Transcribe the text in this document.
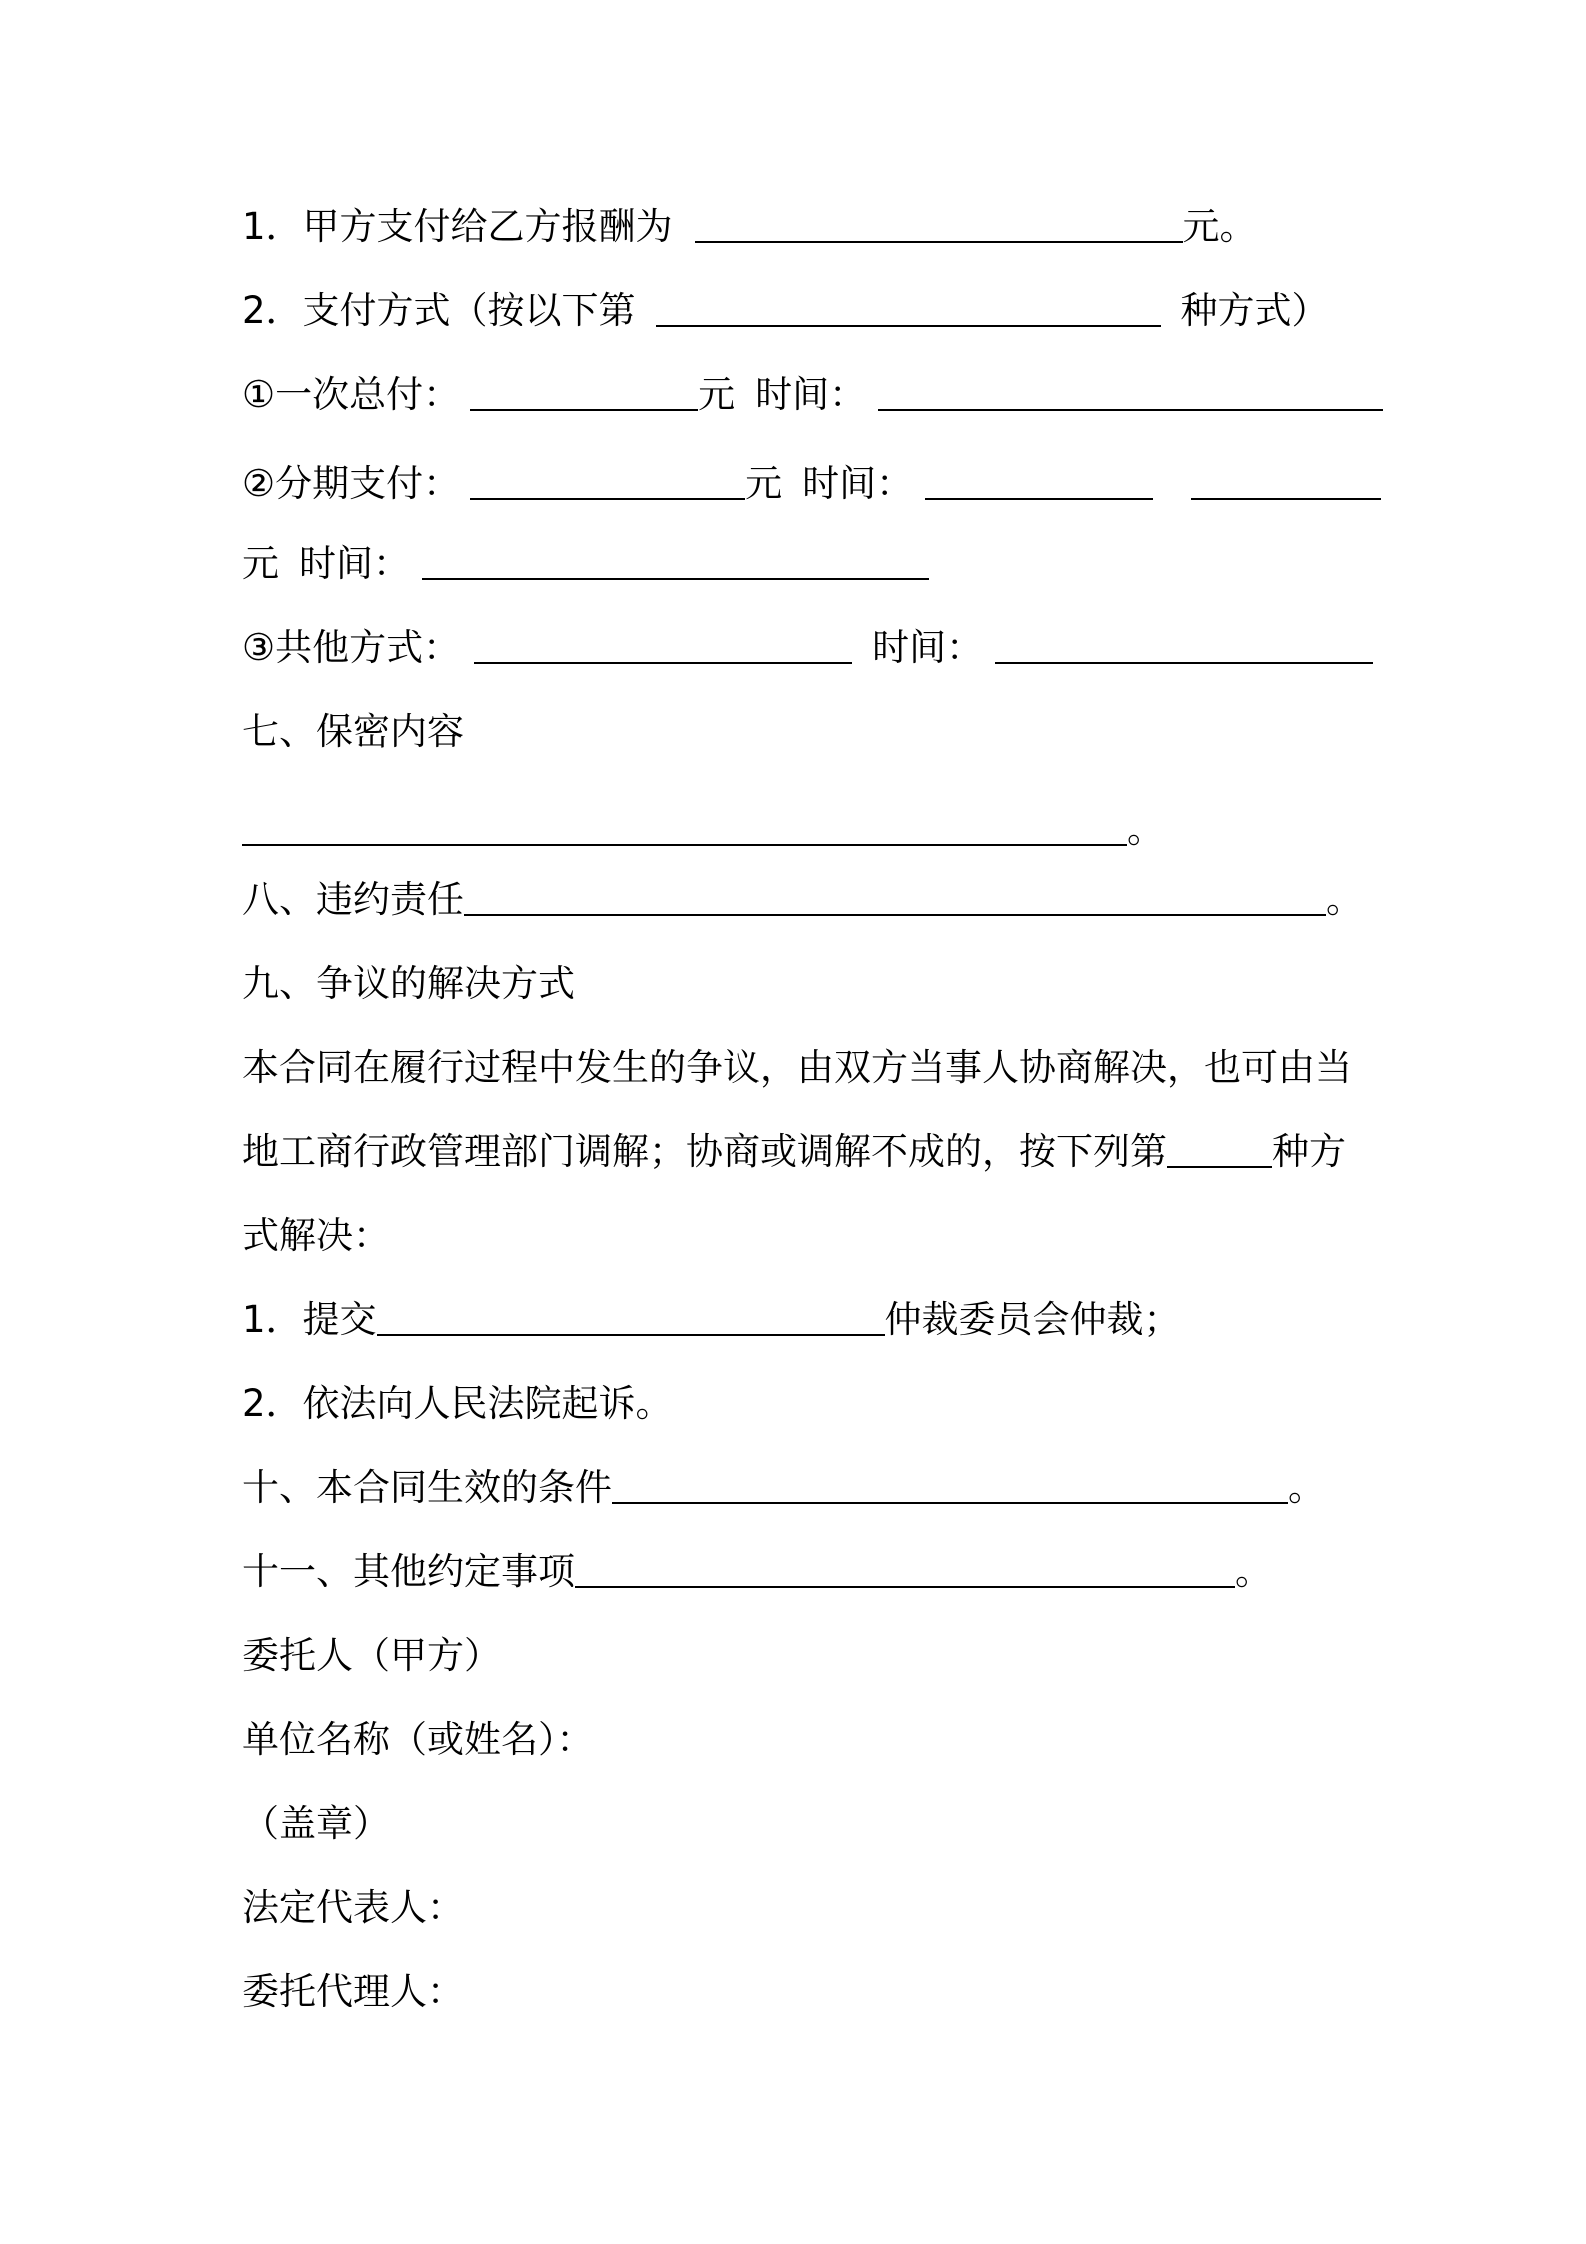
1．甲方支付给乙方报酬为	元。
2．支付方式（按以下第	种方式）
①一次总付：	元 时间：
②分期支付：	元 时间：
元 时间：
③共他方式：	时间：
七、保密内容
。
八、违约责任	。
九、争议的解决方式
本合同在履行过程中发生的争议，由双方当事人协商解决，也可由当
地工商行政管理部门调解；协商或调解不成的，按下列第	种方
式解决：
1．提交	仲裁委员会仲裁；
2．依法向人民法院起诉。
十、本合同生效的条件	。
十一、其他约定事项	。
委托人（甲方）
单位名称（或姓名）：
（盖章）
法定代表人：
委托代理人：
